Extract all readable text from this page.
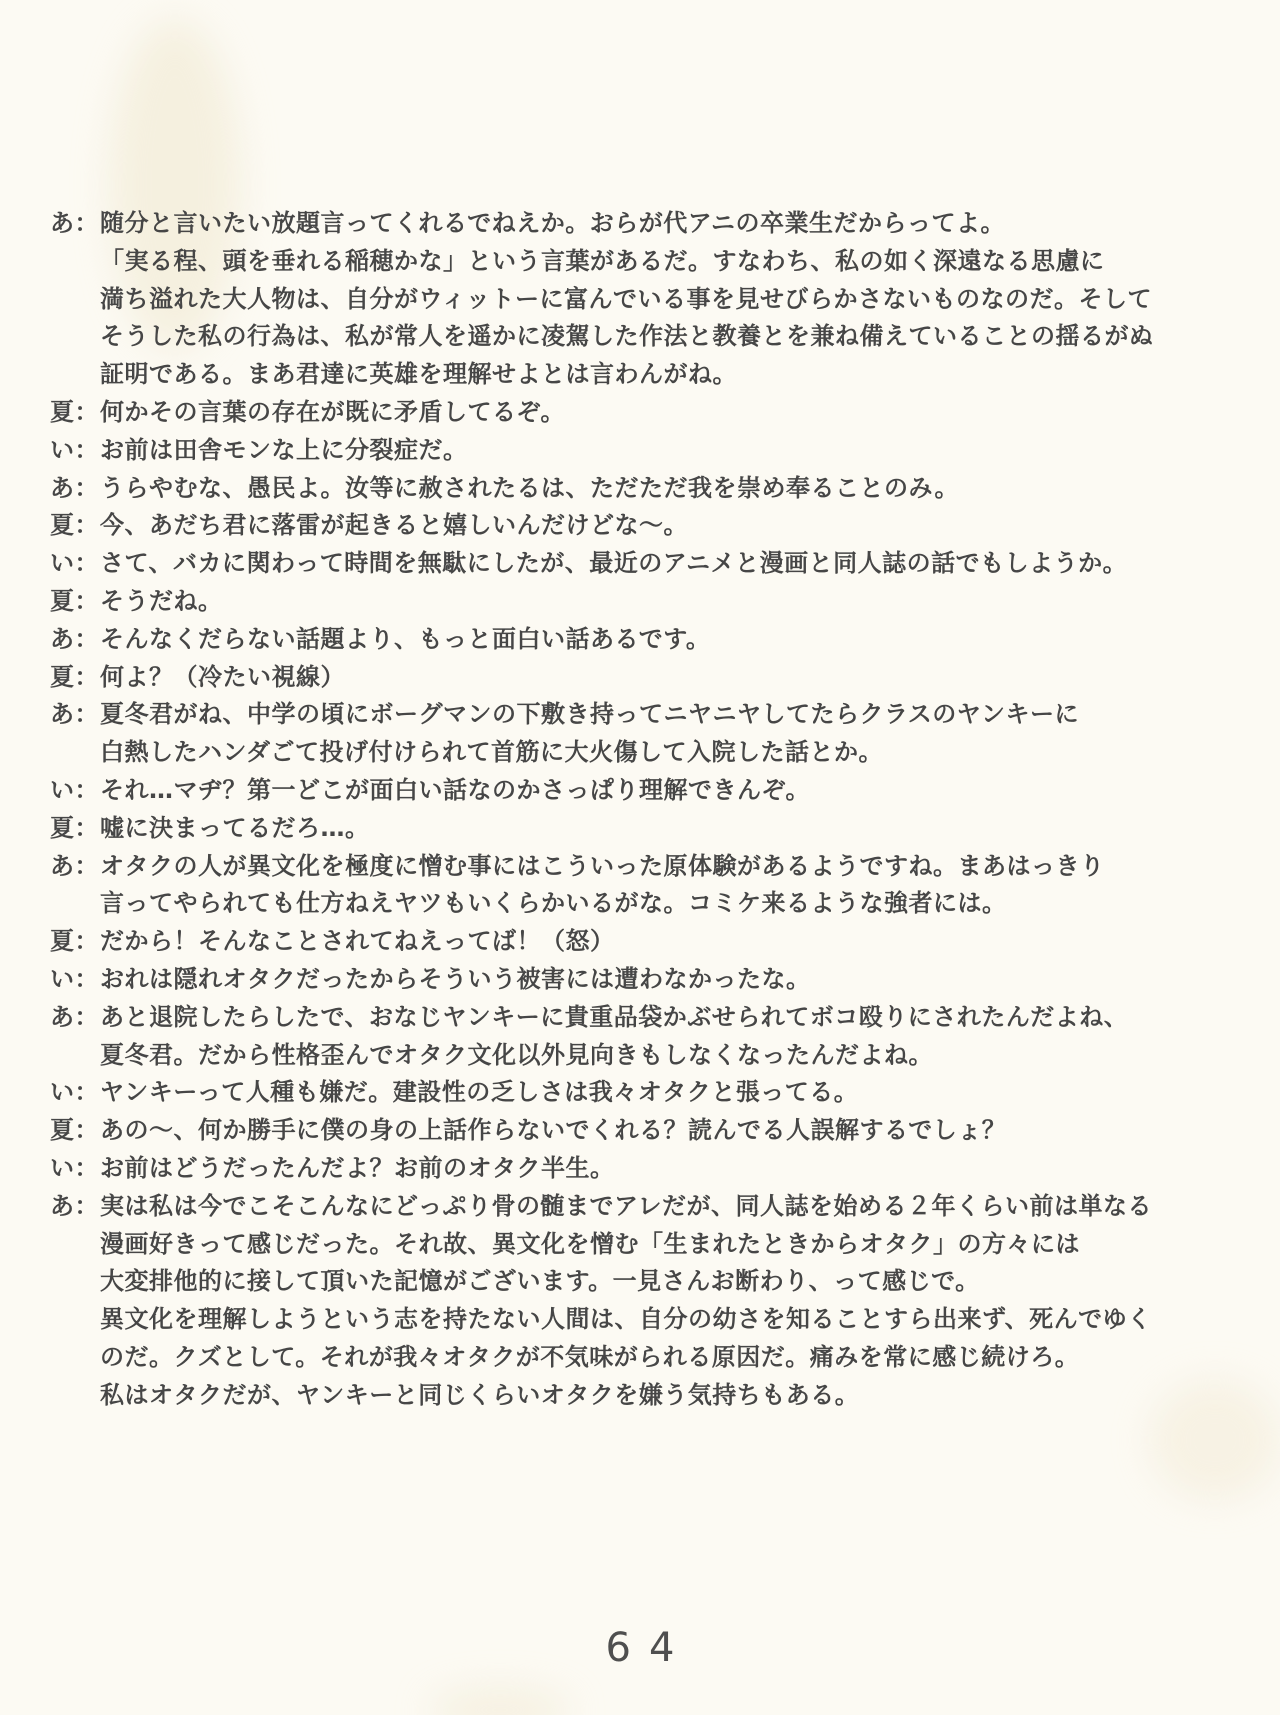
あ： 随分と言いたい放題言ってくれるでねえか。おらが代アニの卒業生だからってよ。
「実る程、頭を垂れる稲穂かな」という言葉があるだ。すなわち、私の如く深遠なる思慮に
満ち溢れた大人物は、自分がウィットーに富んでいる事を見せびらかさないものなのだ。そして
そうした私の行為は、私が常人を遥かに凌駕した作法と教養とを兼ね備えていることの揺るがぬ
証明である。まあ君達に英雄を理解せよとは言わんがね。
夏： 何かその言葉の存在が既に矛盾してるぞ。
い： お前は田舎モンな上に分裂症だ。
あ： うらやむな、愚民よ。汝等に赦されたるは、ただただ我を崇め奉ることのみ。
夏： 今、あだち君に落雷が起きると嬉しいんだけどな〜。
い： さて、バカに関わって時間を無駄にしたが、最近のアニメと漫画と同人誌の話でもしようか。
夏： そうだね。
あ： そんなくだらない話題より、もっと面白い話あるです。
夏： 何よ？（冷たい視線）
あ： 夏冬君がね、中学の頃にボーグマンの下敷き持ってニヤニヤしてたらクラスのヤンキーに
白熱したハンダごて投げ付けられて首筋に大火傷して入院した話とか。
い： それ…マヂ？第一どこが面白い話なのかさっぱり理解できんぞ。
夏： 嘘に決まってるだろ…。
あ： オタクの人が異文化を極度に憎む事にはこういった原体験があるようですね。まあはっきり
言ってやられても仕方ねえヤツもいくらかいるがな。コミケ来るような強者には。
夏： だから！そんなことされてねえってば！（怒）
い： おれは隠れオタクだったからそういう被害には遭わなかったな。
あ： あと退院したらしたで、おなじヤンキーに貴重品袋かぶせられてボコ殴りにされたんだよね、
夏冬君。だから性格歪んでオタク文化以外見向きもしなくなったんだよね。
い： ヤンキーって人種も嫌だ。建設性の乏しさは我々オタクと張ってる。
夏： あの〜、何か勝手に僕の身の上話作らないでくれる？読んでる人誤解するでしょ？
い： お前はどうだったんだよ？お前のオタク半生。
あ： 実は私は今でこそこんなにどっぷり骨の髄までアレだが、同人誌を始める２年くらい前は単なる
漫画好きって感じだった。それ故、異文化を憎む「生まれたときからオタク」の方々には
大変排他的に接して頂いた記憶がございます。一見さんお断わり、って感じで。
異文化を理解しようという志を持たない人間は、自分の幼さを知ることすら出来ず、死んでゆく
のだ。クズとして。それが我々オタクが不気味がられる原因だ。痛みを常に感じ続けろ。
私はオタクだが、ヤンキーと同じくらいオタクを嫌う気持ちもある。
64
